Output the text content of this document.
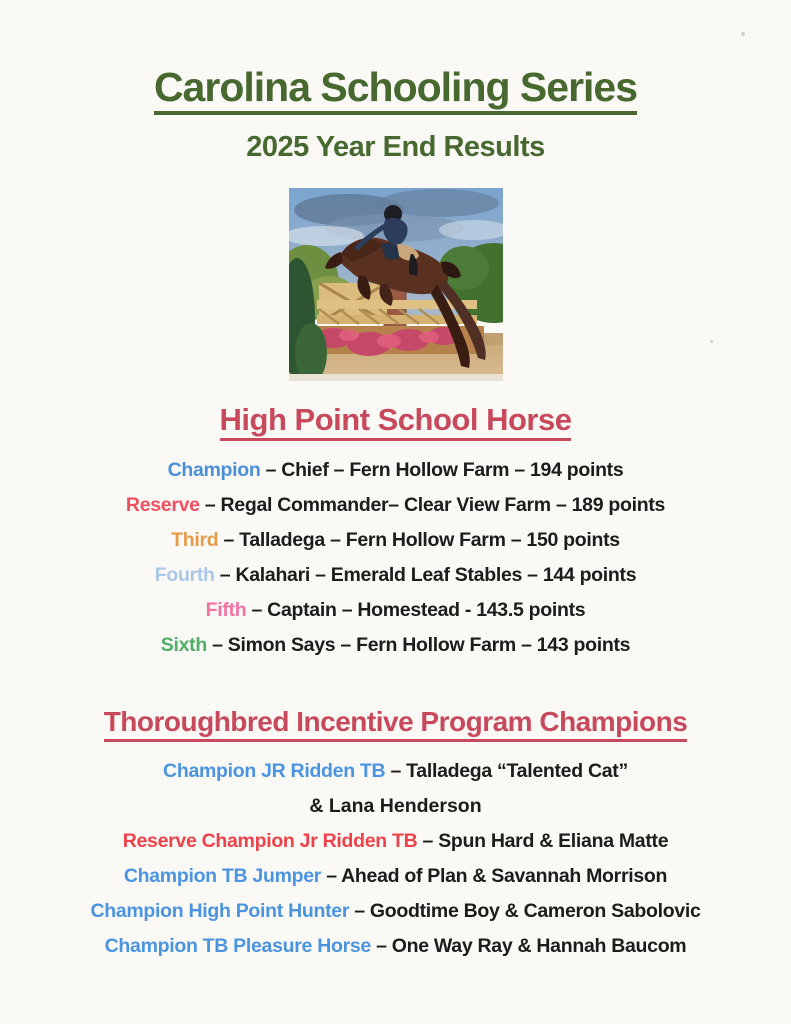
Carolina Schooling Series
2025 Year End Results
High Point School Horse
Champion – Chief – Fern Hollow Farm – 194 points
Reserve – Regal Commander– Clear View Farm – 189 points
Third – Talladega – Fern Hollow Farm – 150 points
Fourth – Kalahari – Emerald Leaf Stables – 144 points
Fifth – Captain – Homestead - 143.5 points
Sixth – Simon Says – Fern Hollow Farm – 143 points
Thoroughbred Incentive Program Champions
Champion JR Ridden TB – Talladega “Talented Cat”
& Lana Henderson
Reserve Champion Jr Ridden TB – Spun Hard & Eliana Matte
Champion TB Jumper – Ahead of Plan & Savannah Morrison
Champion High Point Hunter – Goodtime Boy & Cameron Sabolovic
Champion TB Pleasure Horse – One Way Ray & Hannah Baucom
